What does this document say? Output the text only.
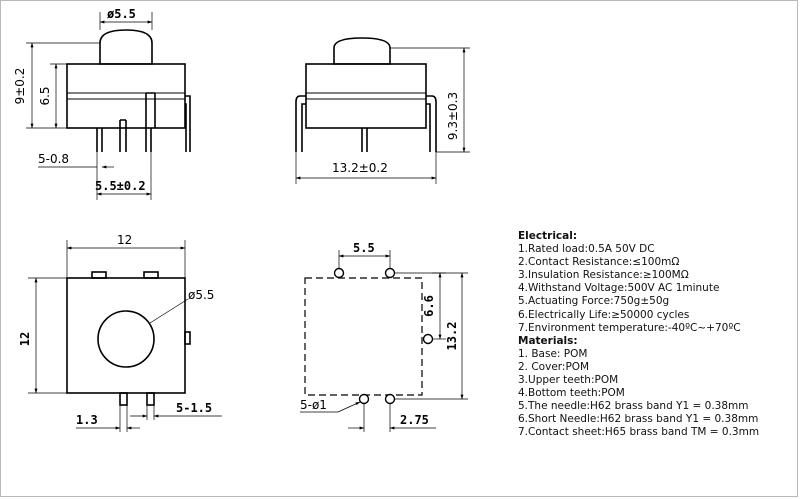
ø5.5
9±0.2 6.5
5-0.8
5.5±0.2
9.3±0.3
13.2±0.2
12
12
ø5.5
1.3
5-1.5
5.5
6.6
13.2
5-ø1
2.75
Electrical:
1.Rated load:0.5A 50V DC
2.Contact Resistance:≤100mΩ
3.Insulation Resistance:≥100MΩ
4.Withstand Voltage:500V AC 1minute
5.Actuating Force:750g±50g
6.Electrically Life:≥50000 cycles
7.Environment temperature:-40ºC~+70ºC
Materials:
1. Base: POM
2. Cover:POM
3.Upper teeth:POM
4.Bottom teeth:POM
5.The needle:H62 brass band Y1 = 0.38mm
6.Short Needle:H62 brass band Y1 = 0.38mm
7.Contact sheet:H65 brass band TM = 0.3mm
